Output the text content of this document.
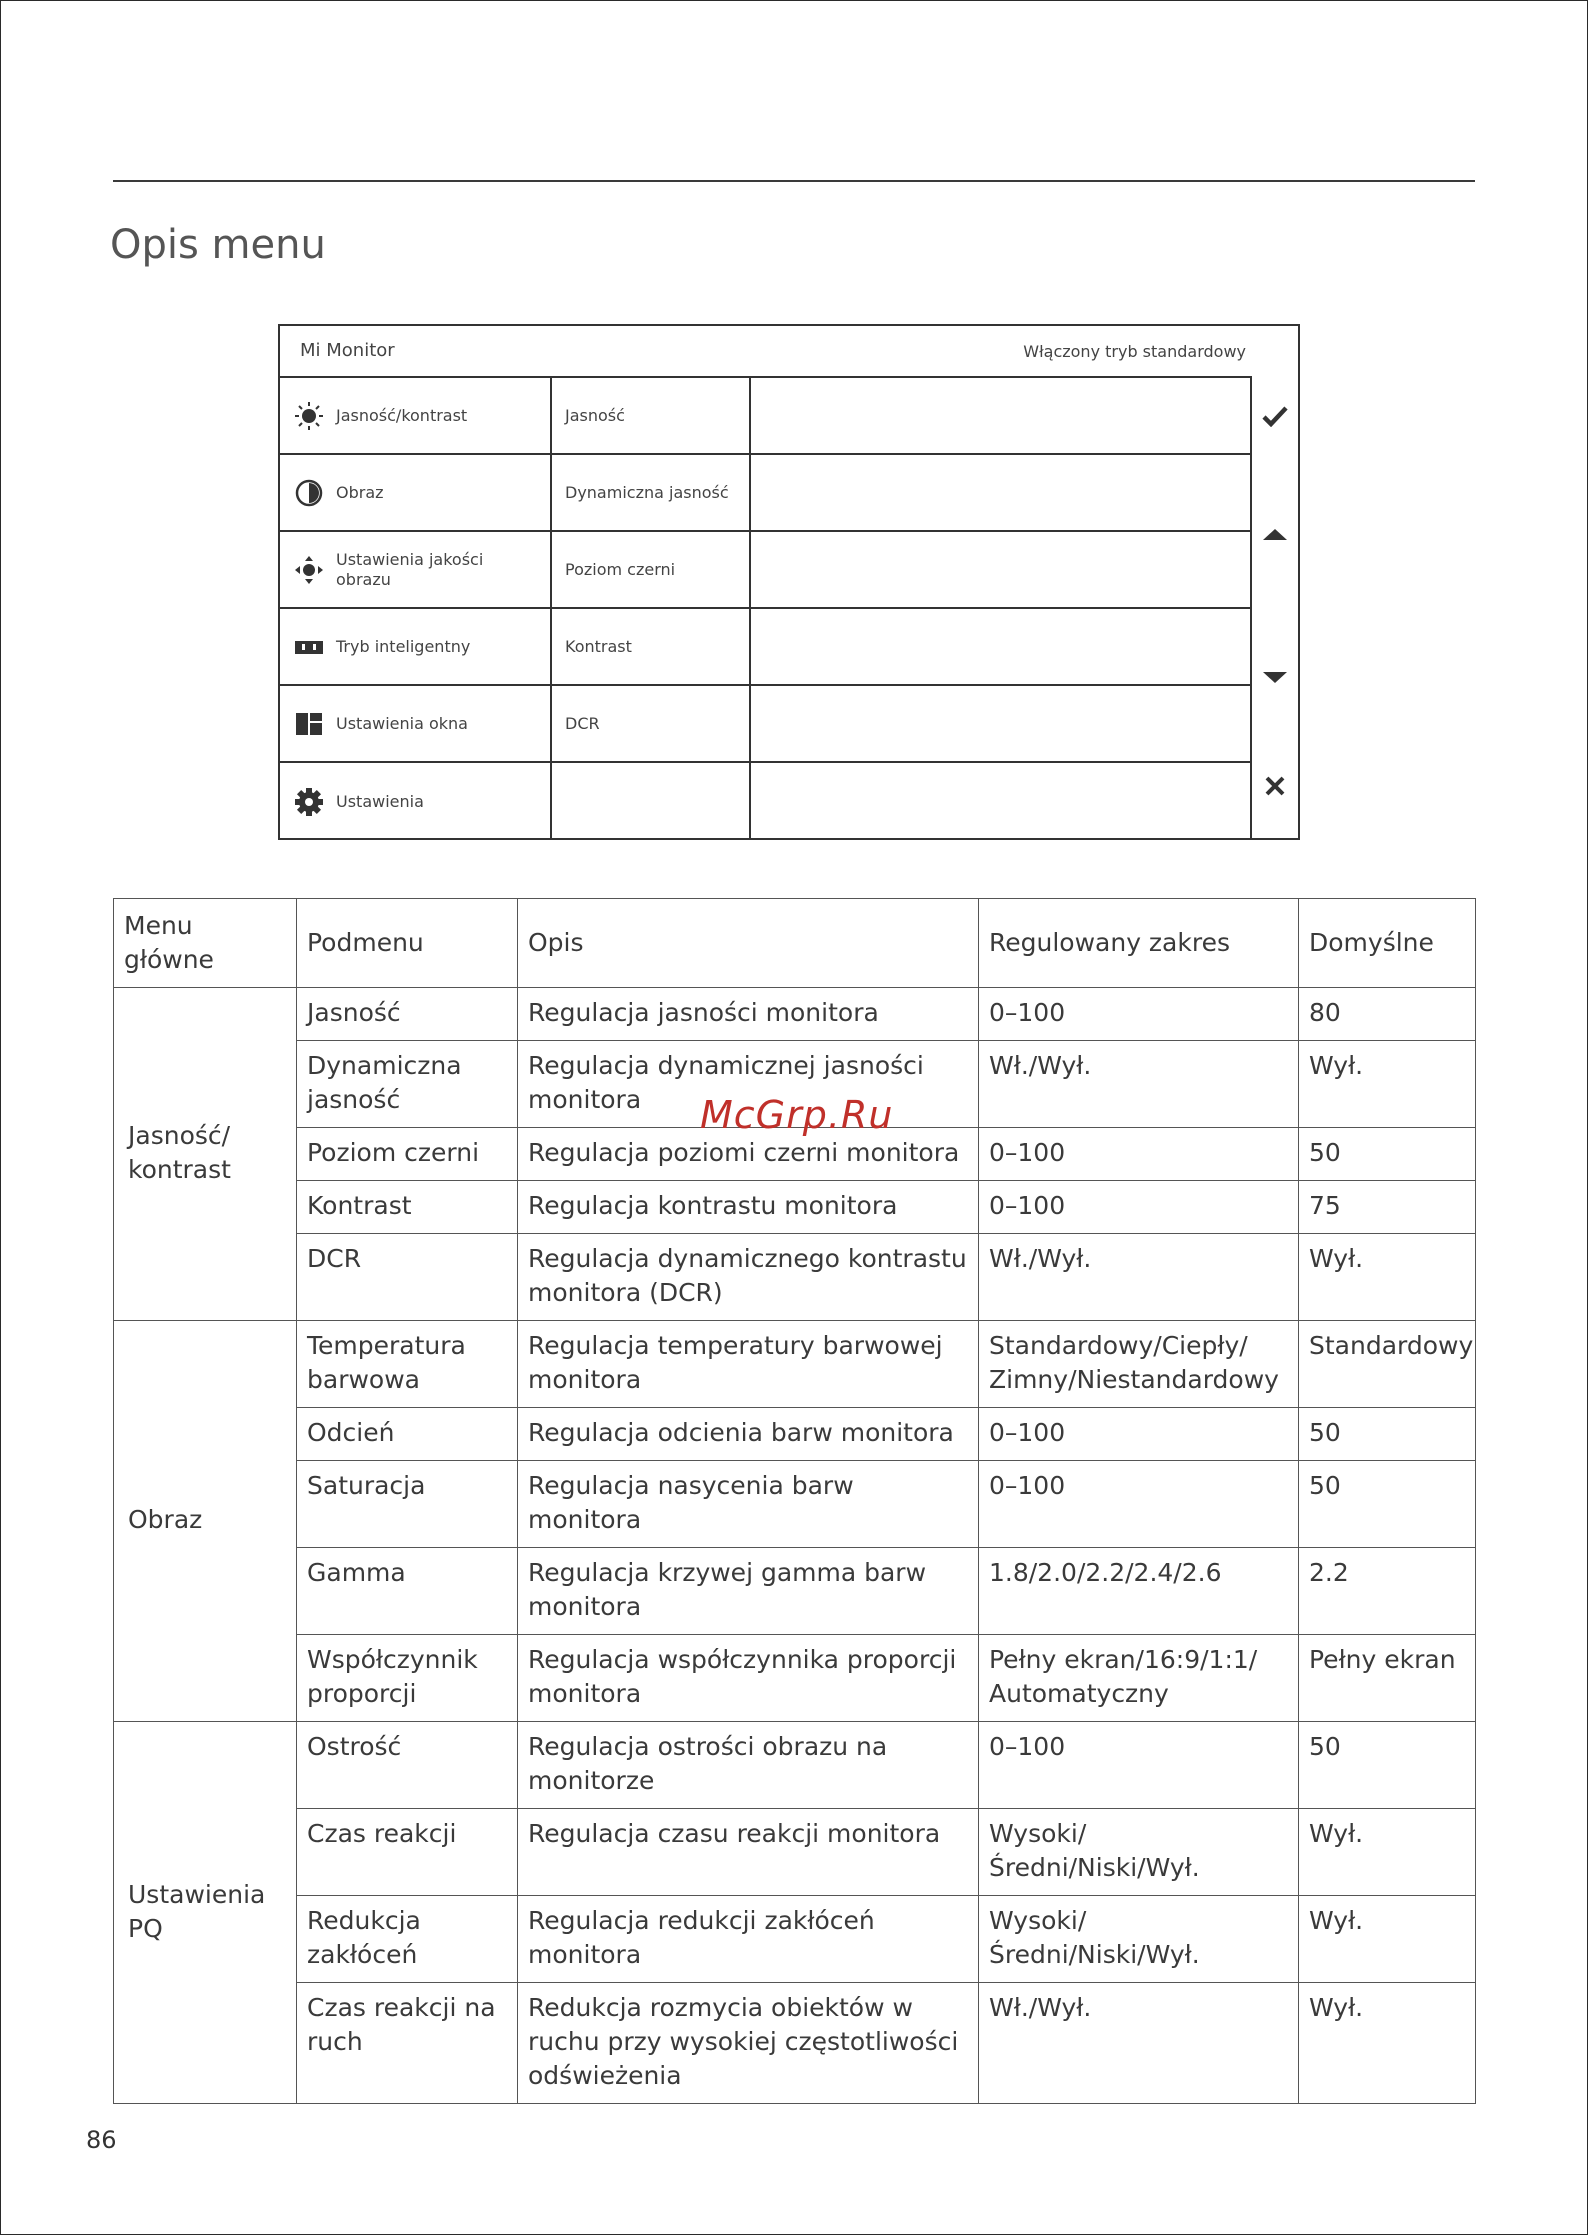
Opis menu
Mi Monitor	Włączony tryb standardowy
Jasność/kontrast	Jasność
Obraz	Dynamiczna jasność
Ustawienia jakości obrazu	Poziom czerni
Tryb inteligentny	Kontrast
Ustawienia okna	DCR
Ustawienia
Menu główne	Podmenu	Opis	Regulowany zakres	Domyślne
Jasność/ kontrast	Jasność	Regulacja jasności monitora	0–100	80
	Dynamiczna jasność	Regulacja dynamicznej jasności monitora	Wł./Wył.	Wył.
	Poziom czerni	Regulacja poziomi czerni monitora	0–100	50
	Kontrast	Regulacja kontrastu monitora	0–100	75
	DCR	Regulacja dynamicznego kontrastu monitora (DCR)	Wł./Wył.	Wył.
Obraz	Temperatura barwowa	Regulacja temperatury barwowej monitora	Standardowy/Ciepły/ Zimny/Niestandardowy	Standardowy
	Odcień	Regulacja odcienia barw monitora	0–100	50
	Saturacja	Regulacja nasycenia barw monitora	0–100	50
	Gamma	Regulacja krzywej gamma barw monitora	1.8/2.0/2.2/2.4/2.6	2.2
	Współczynnik proporcji	Regulacja współczynnika proporcji monitora	Pełny ekran/16:9/1:1/ Automatyczny	Pełny ekran
Ustawienia PQ	Ostrość	Regulacja ostrości obrazu na monitorze	0–100	50
	Czas reakcji	Regulacja czasu reakcji monitora	Wysoki/Średni/Niski/Wył.	Wył.
	Redukcja zakłóceń	Regulacja redukcji zakłóceń monitora	Wysoki/Średni/Niski/Wył.	Wył.
	Czas reakcji na ruch	Redukcja rozmycia obiektów w ruchu przy wysokiej częstotliwości odświeżenia	Wł./Wył.	Wył.
McGrp.Ru
86
